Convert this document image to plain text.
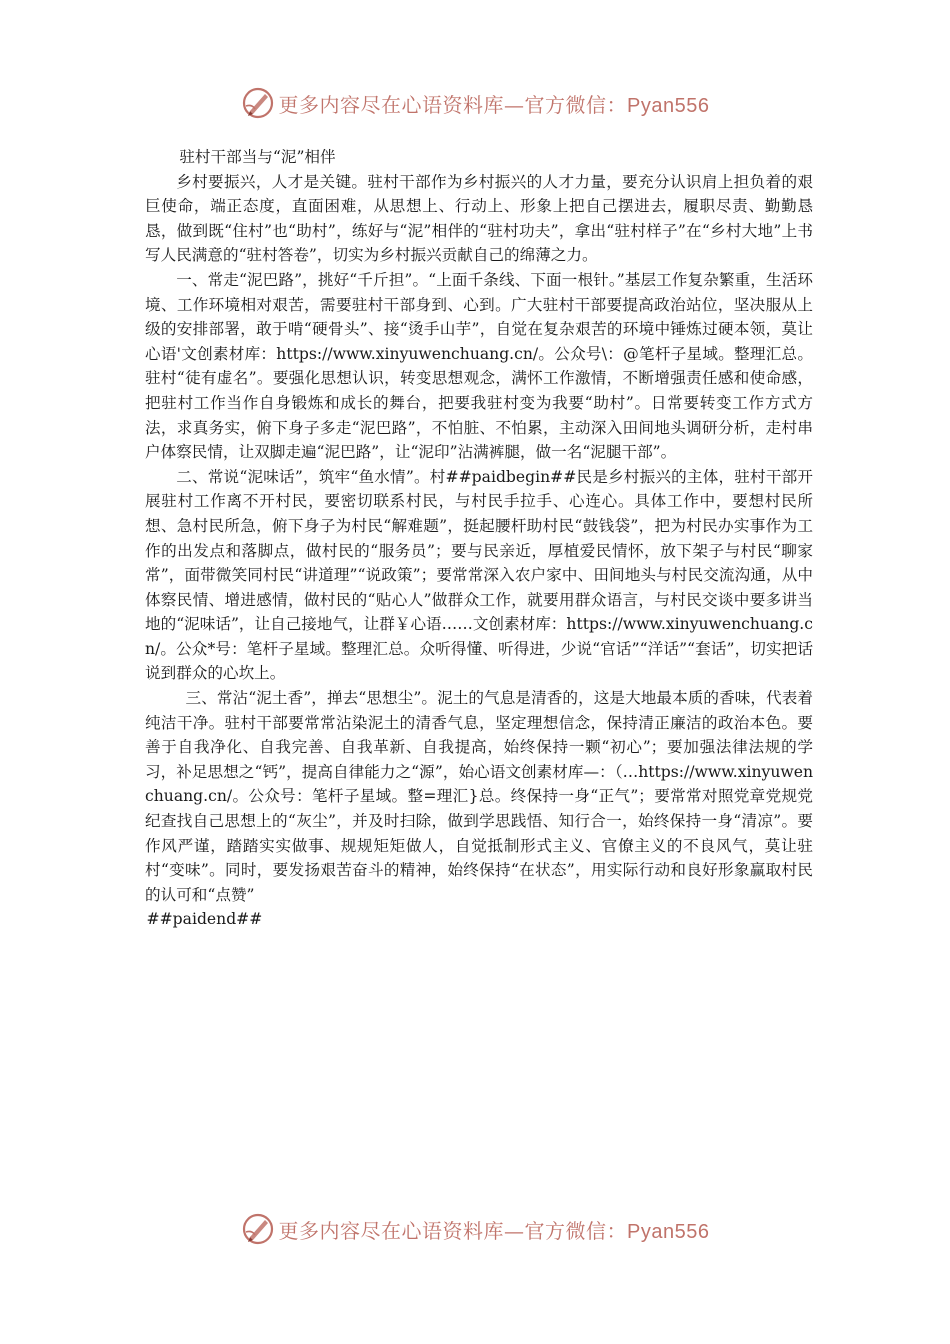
更多内容尽在心语资料库—官方微信：Pyan556

驻村干部当与“泥”相伴

乡村要振兴，人才是关键。驻村干部作为乡村振兴的人才力量，要充分认识肩上担负着的艰巨使命，端正态度，直面困难，从思想上、行动上、形象上把自己摆进去，履职尽责、勤勤恳恳，做到既“住村”也“助村”，练好与“泥”相伴的“驻村功夫”，拿出“驻村样子”在“乡村大地”上书写人民满意的“驻村答卷”，切实为乡村振兴贡献自己的绵薄之力。

一、常走“泥巴路”，挑好“千斤担”。“上面千条线、下面一根针。”基层工作复杂繁重，生活环境、工作环境相对艰苦，需要驻村干部身到、心到。广大驻村干部要提高政治站位，坚决服从上级的安排部署，敢于啃“硬骨头”、接“烫手山芋”，自觉在复杂艰苦的环境中锤炼过硬本领，莫让心语'文创素材库：https://www.xinyuwenchuang.cn/。公众号\：@笔杆子星域。整理汇总。驻村“徒有虚名”。要强化思想认识，转变思想观念，满怀工作激情，不断增强责任感和使命感，把驻村工作当作自身锻炼和成长的舞台，把要我驻村变为我要“助村”。日常要转变工作方式方法，求真务实，俯下身子多走“泥巴路”，不怕脏、不怕累，主动深入田间地头调研分析，走村串户体察民情，让双脚走遍“泥巴路”，让“泥印”沾满裤腿，做一名“泥腿干部”。

二、常说“泥味话”，筑牢“鱼水情”。村##paidbegin##民是乡村振兴的主体，驻村干部开展驻村工作离不开村民，要密切联系村民，与村民手拉手、心连心。具体工作中，要想村民所想、急村民所急，俯下身子为村民“解难题”，挺起腰杆助村民“鼓钱袋”，把为村民办实事作为工作的出发点和落脚点，做村民的“服务员”；要与民亲近，厚植爱民情怀，放下架子与村民“聊家常”，面带微笑同村民“讲道理”“说政策”；要常常深入农户家中、田间地头与村民交流沟通，从中体察民情、增进感情，做村民的“贴心人”做群众工作，就要用群众语言，与村民交谈中要多讲当地的“泥味话”，让自己接地气，让群￥心语……文创素材库：https://www.xinyuwenchuang.cn/。公众*号：笔杆子星域。整理汇总。众听得懂、听得进，少说“官话”“洋话”“套话”，切实把话说到群众的心坎上。

三、常沾“泥土香”，掸去“思想尘”。泥土的气息是清香的，这是大地最本质的香味，代表着纯洁干净。驻村干部要常常沾染泥土的清香气息，坚定理想信念，保持清正廉洁的政治本色。要善于自我净化、自我完善、自我革新、自我提高，始终保持一颗“初心”；要加强法律法规的学习，补足思想之“钙”，提高自律能力之“源”，始心语文创素材库—：（…https://www.xinyuwenchuang.cn/。公众号：笔杆子星域。整=理汇}总。终保持一身“正气”；要常常对照党章党规党纪查找自己思想上的“灰尘”，并及时扫除，做到学思践悟、知行合一，始终保持一身“清凉”。要作风严谨，踏踏实实做事、规规矩矩做人，自觉抵制形式主义、官僚主义的不良风气，莫让驻村“变味”。同时，要发扬艰苦奋斗的精神，始终保持“在状态”，用实际行动和良好形象赢取村民的认可和“点赞”

##paidend##

更多内容尽在心语资料库—官方微信：Pyan556
